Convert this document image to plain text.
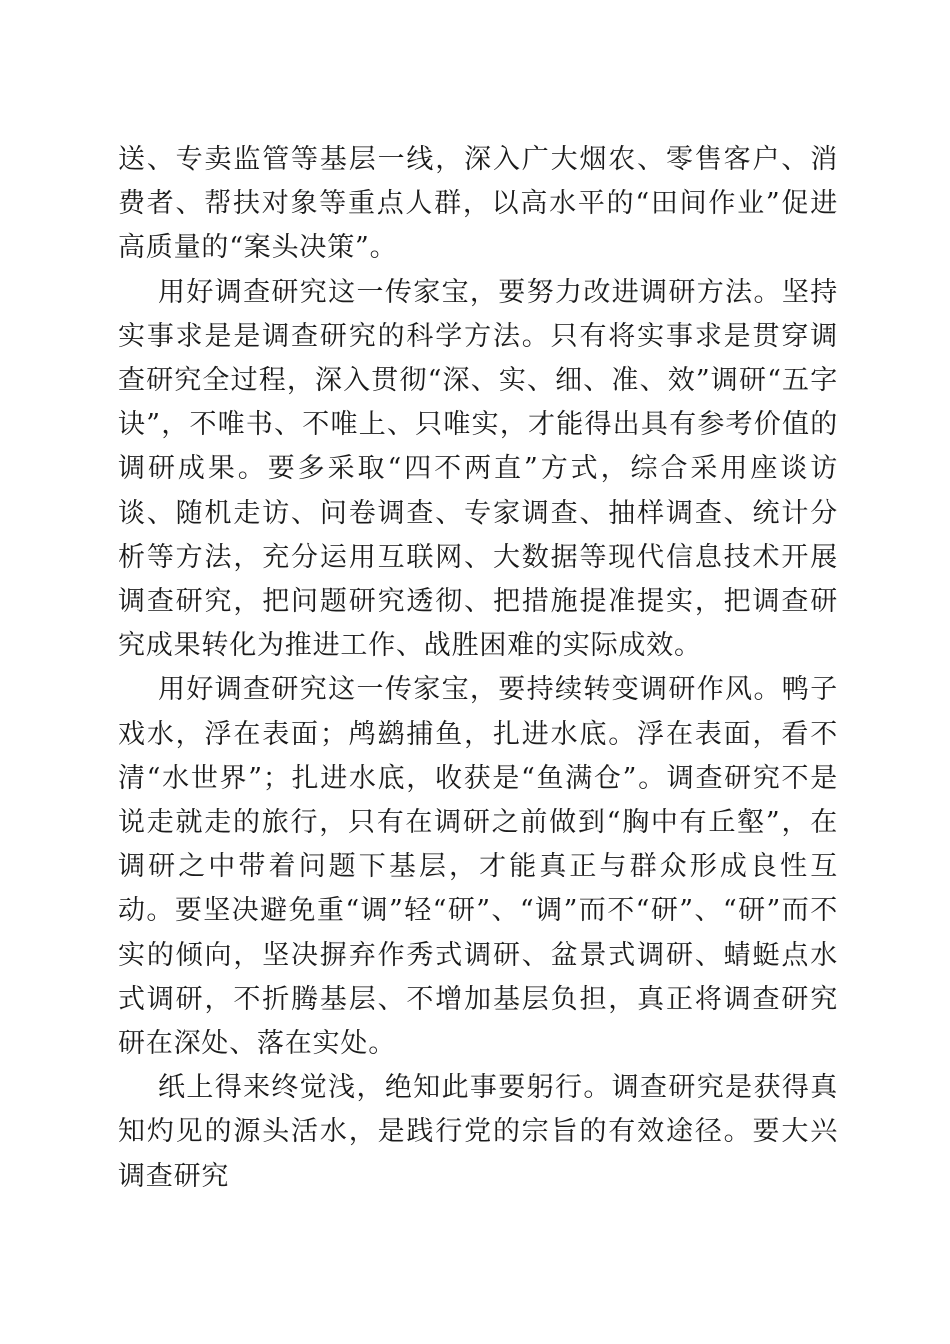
送、专卖监管等基层一线，深入广大烟农、零售客户、消费者、帮扶对象等重点人群，以高水平的“田间作业”促进高质量的“案头决策”。

用好调查研究这一传家宝，要努力改进调研方法。坚持实事求是是调查研究的科学方法。只有将实事求是贯穿调查研究全过程，深入贯彻“深、实、细、准、效”调研“五字诀”，不唯书、不唯上、只唯实，才能得出具有参考价值的调研成果。要多采取“四不两直”方式，综合采用座谈访谈、随机走访、问卷调查、专家调查、抽样调查、统计分析等方法，充分运用互联网、大数据等现代信息技术开展调查研究，把问题研究透彻、把措施提准提实，把调查研究成果转化为推进工作、战胜困难的实际成效。

用好调查研究这一传家宝，要持续转变调研作风。鸭子戏水，浮在表面；鸬鹚捕鱼，扎进水底。浮在表面，看不清“水世界”；扎进水底，收获是“鱼满仓”。调查研究不是说走就走的旅行，只有在调研之前做到“胸中有丘壑”，在调研之中带着问题下基层，才能真正与群众形成良性互动。要坚决避免重“调”轻“研”、“调”而不“研”、“研”而不实的倾向，坚决摒弃作秀式调研、盆景式调研、蜻蜓点水式调研，不折腾基层、不增加基层负担，真正将调查研究研在深处、落在实处。

纸上得来终觉浅，绝知此事要躬行。调查研究是获得真知灼见的源头活水，是践行党的宗旨的有效途径。要大兴调查研究
